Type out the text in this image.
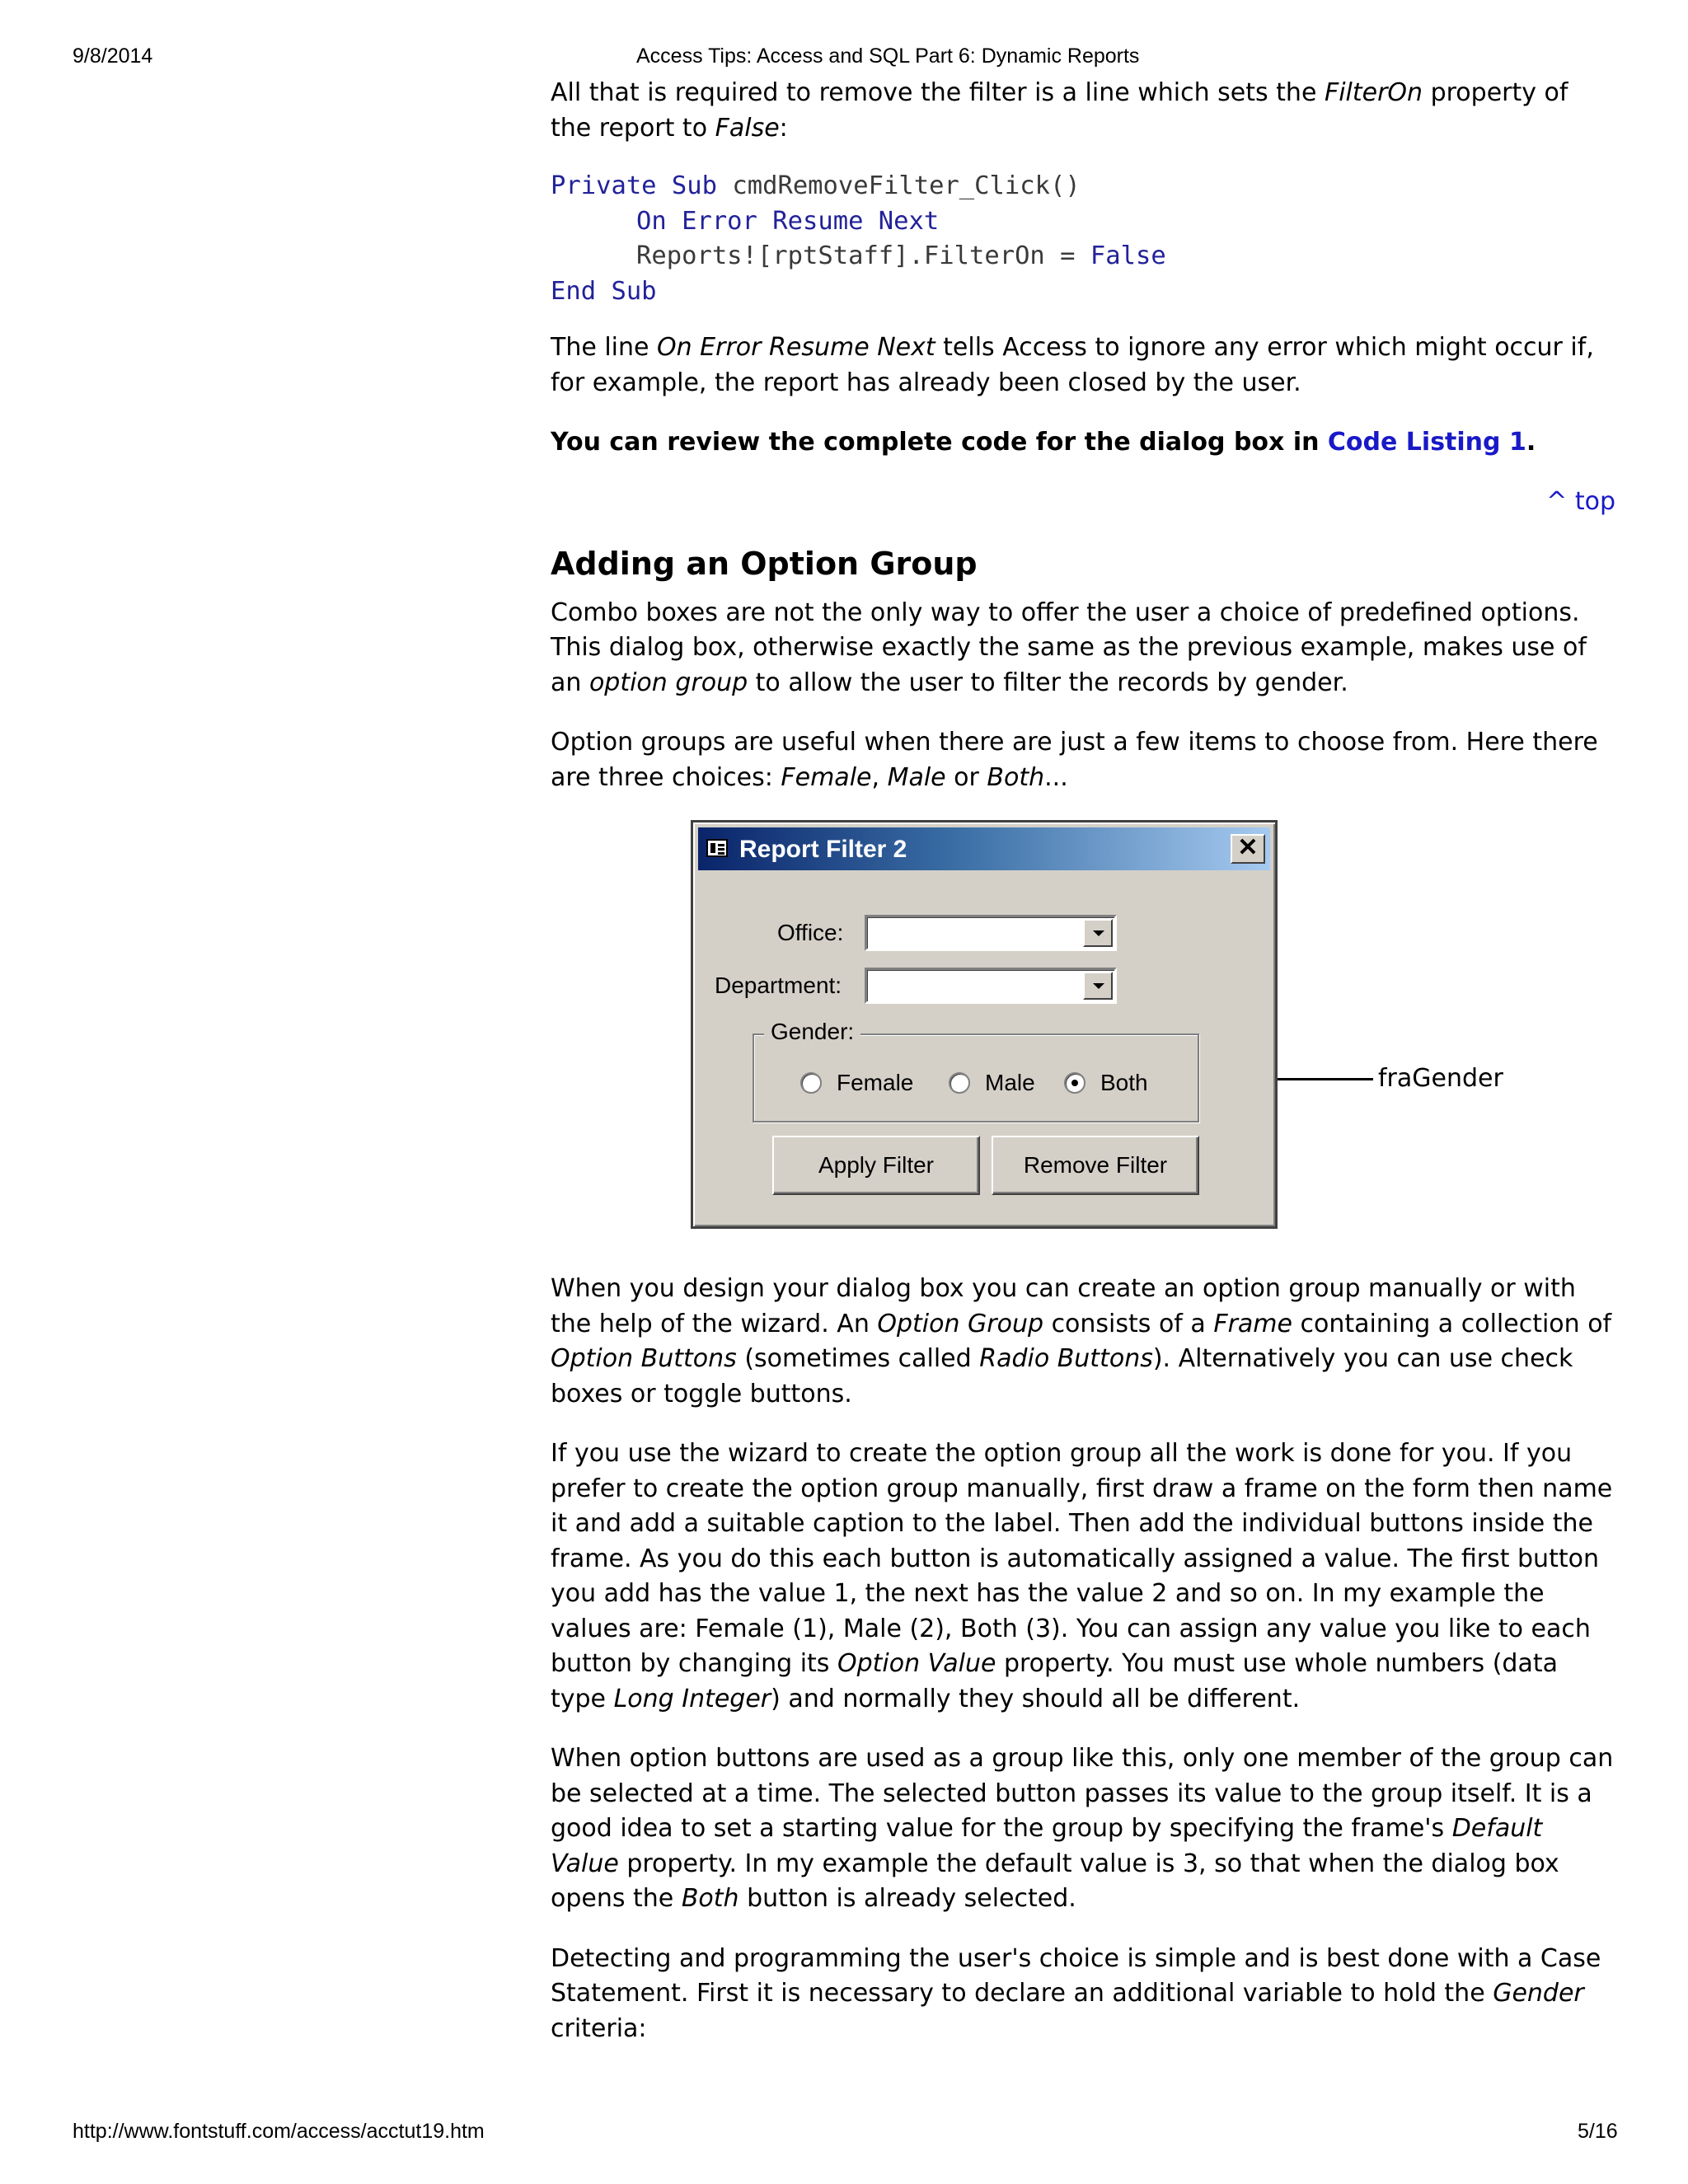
9/8/2014	Access Tips: Access and SQL Part 6: Dynamic Reports

All that is required to remove the filter is a line which sets the FilterOn property of the report to False:

Private Sub cmdRemoveFilter_Click()
On Error Resume Next
Reports![rptStaff].FilterOn = False
End Sub

The line On Error Resume Next tells Access to ignore any error which might occur if, for example, the report has already been closed by the user.

You can review the complete code for the dialog box in Code Listing 1.

^ top
Adding an Option Group

Combo boxes are not the only way to offer the user a choice of predefined options. This dialog box, otherwise exactly the same as the previous example, makes use of an option group to allow the user to filter the records by gender.

Option groups are useful when there are just a few items to choose from. Here there are three choices: Female, Male or Both...

Report Filter 2	✕
Office:
Department:
Gender:
Female	Male	Both
Apply Filter	Remove Filter
fraGender

When you design your dialog box you can create an option group manually or with the help of the wizard. An Option Group consists of a Frame containing a collection of Option Buttons (sometimes called Radio Buttons). Alternatively you can use check boxes or toggle buttons.

If you use the wizard to create the option group all the work is done for you. If you prefer to create the option group manually, first draw a frame on the form then name it and add a suitable caption to the label. Then add the individual buttons inside the frame. As you do this each button is automatically assigned a value. The first button you add has the value 1, the next has the value 2 and so on. In my example the values are: Female (1), Male (2), Both (3). You can assign any value you like to each button by changing its Option Value property. You must use whole numbers (data type Long Integer) and normally they should all be different.

When option buttons are used as a group like this, only one member of the group can be selected at a time. The selected button passes its value to the group itself. It is a good idea to set a starting value for the group by specifying the frame's Default Value property. In my example the default value is 3, so that when the dialog box opens the Both button is already selected.

Detecting and programming the user's choice is simple and is best done with a Case Statement. First it is necessary to declare an additional variable to hold the Gender criteria:

http://www.fontstuff.com/access/acctut19.htm	5/16
